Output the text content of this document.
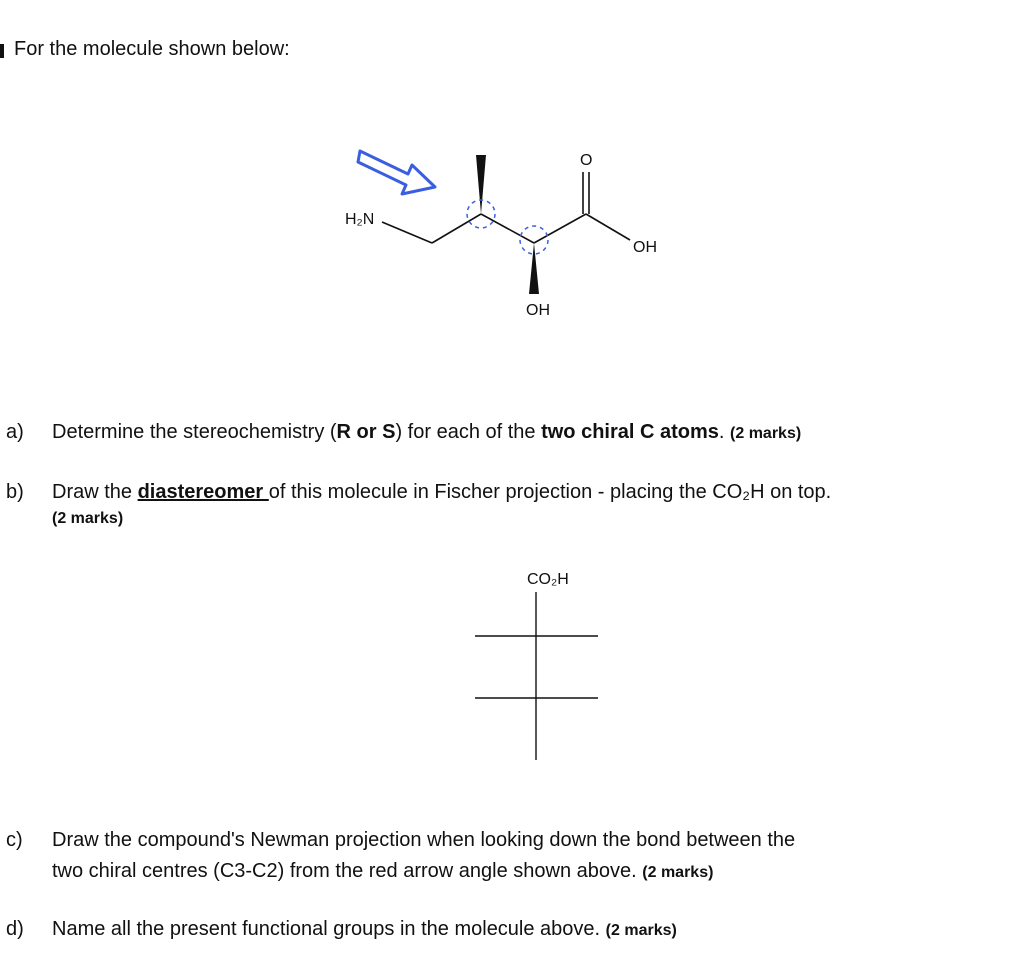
For the molecule shown below:
H₂N
O
OH
OH
CO₂H
a) Determine the stereochemistry (R or S) for each of the two chiral C atoms. (2 marks)
b) Draw the diastereomer of this molecule in Fischer projection - placing the CO₂H on top.
(2 marks)
c) Draw the compound's Newman projection when looking down the bond between the
two chiral centres (C3-C2) from the red arrow angle shown above. (2 marks)
d) Name all the present functional groups in the molecule above. (2 marks)
